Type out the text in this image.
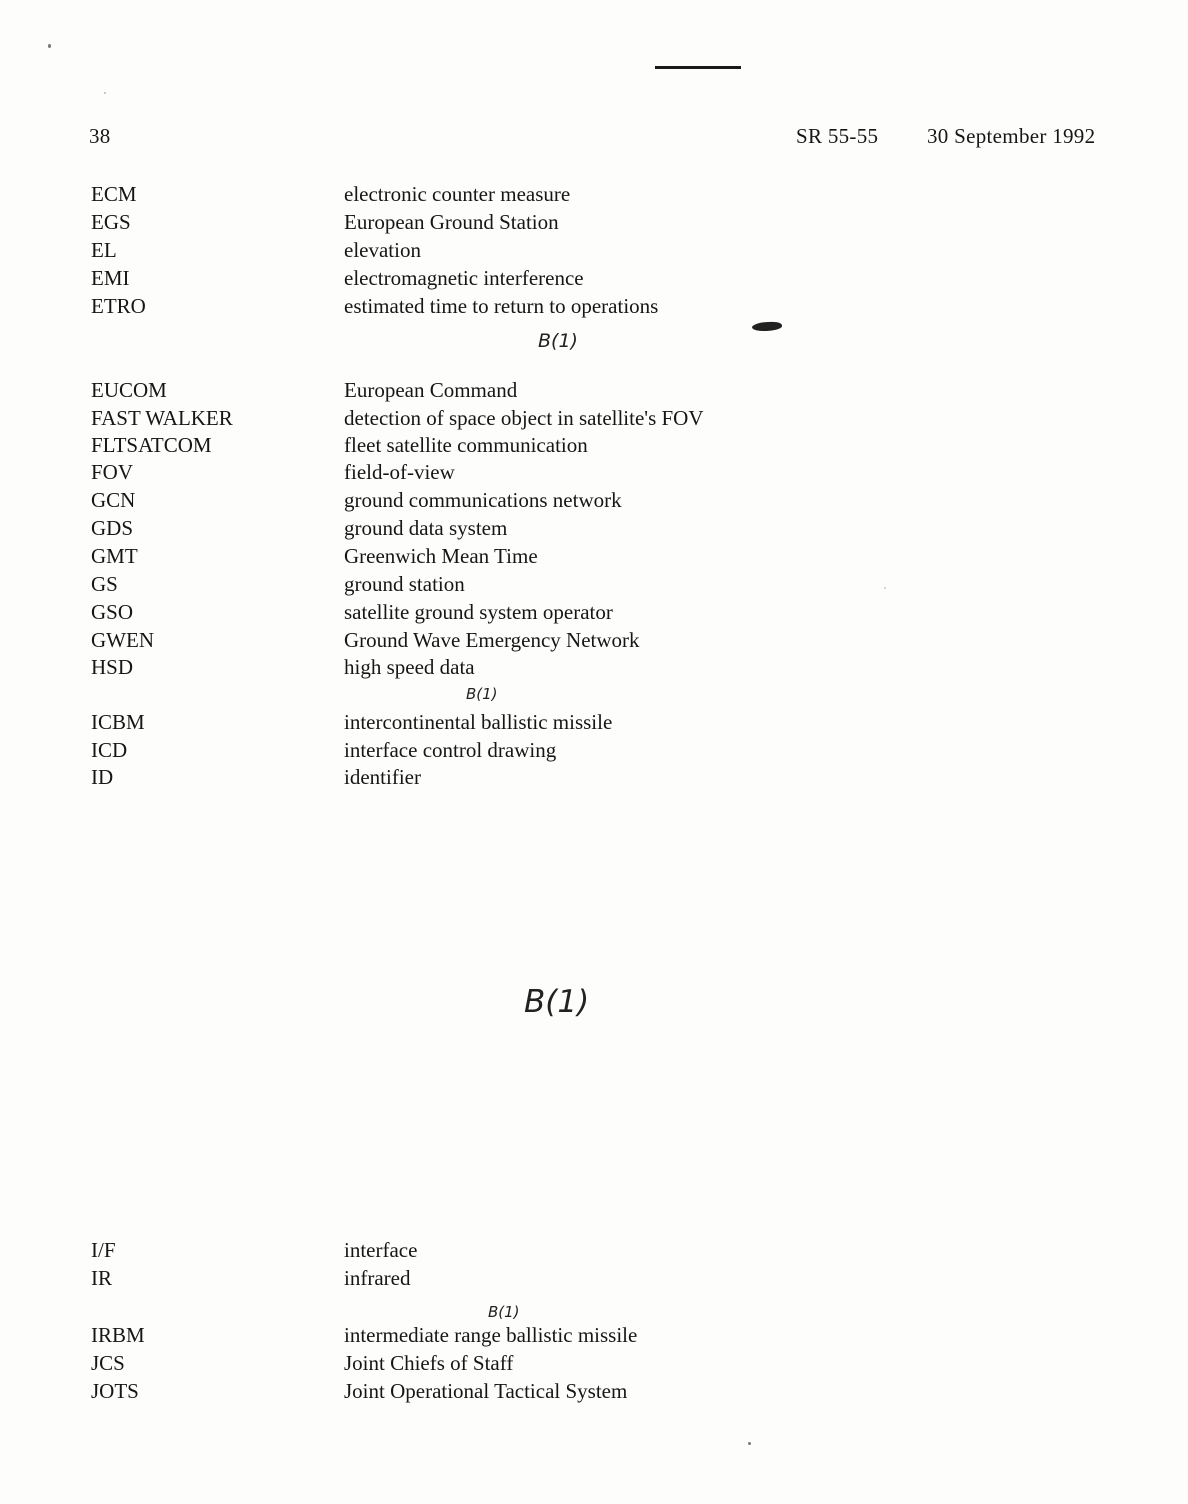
38	SR 55-55 30 September 1992
ECM	electronic counter measure
EGS	European Ground Station
EL	elevation
EMI	electromagnetic interference
ETRO	estimated time to return to operations
B(1)
EUCOM	European Command
FAST WALKER	detection of space object in satellite's FOV
FLTSATCOM	fleet satellite communication
FOV	field-of-view
GCN	ground communications network
GDS	ground data system
GMT	Greenwich Mean Time
GS	ground station
GSO	satellite ground system operator
GWEN	Ground Wave Emergency Network
HSD	high speed data
B(1)
ICBM	intercontinental ballistic missile
ICD	interface control drawing
ID	identifier
B(1)
I/F	interface
IR	infrared
B(1)
IRBM	intermediate range ballistic missile
JCS	Joint Chiefs of Staff
JOTS	Joint Operational Tactical System
